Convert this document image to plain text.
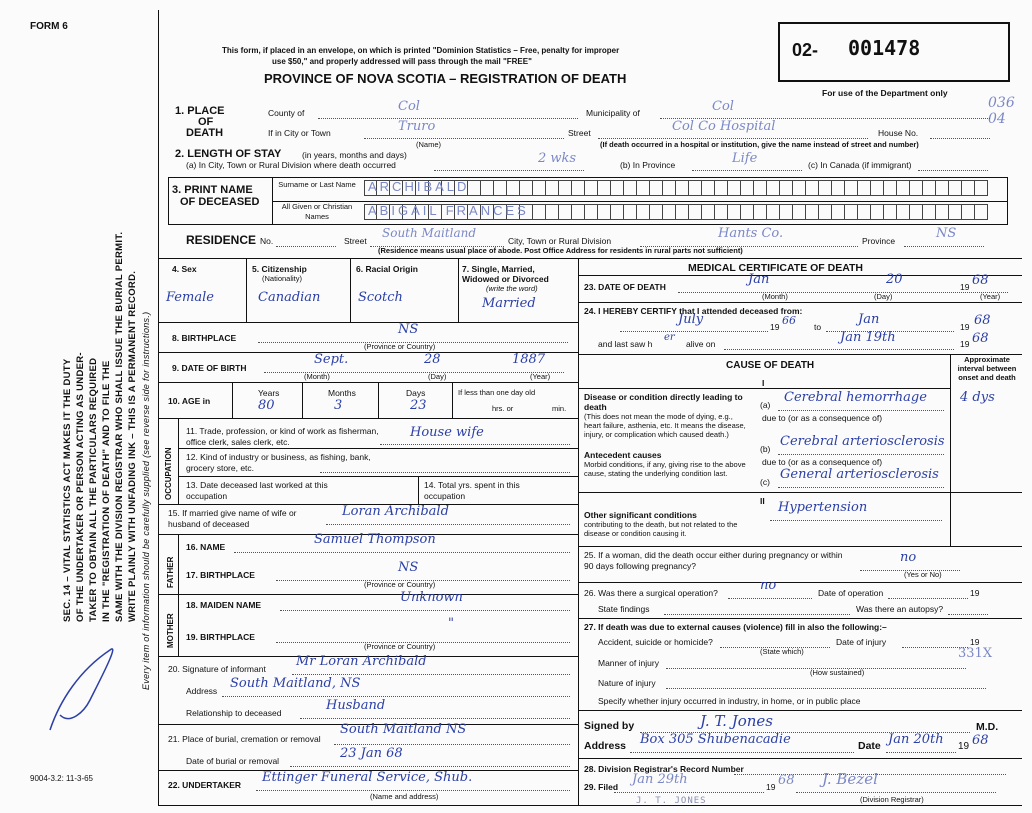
FORM 6
9004-3.2: 11-3-65
SEC. 14 – VITAL STATISTICS ACT MAKES IT THE DUTY OF THE UNDERTAKER OR PERSON ACTING AS UNDER- TAKER TO OBTAIN ALL THE PARTICULARS REQUIRED IN THE "REGISTRATION OF DEATH" AND TO FILE THE SAME WITH THE DIVISION REGISTRAR WHO SHALL ISSUE THE BURIAL PERMIT. WRITE PLAINLY WITH UNFADING INK – THIS IS A PERMANENT RECORD. Every item of information should be carefully supplied (see reverse side for instructions.)
This form, if placed in an envelope, on which is printed "Dominion Statistics – Free, penalty for improper
use $50," and properly addressed will pass through the mail "FREE"
PROVINCE OF NOVA SCOTIA – REGISTRATION OF DEATH
02- 001478
For use of the Department only
036 04
1. PLACE
OF
DEATH
County of	Col	Municipality of	Col
If in City or Town	Truro
(Name)
Street	Col Co Hospital	House No.
(If death occurred in a hospital or institution, give the name instead of street and number)
2. LENGTH OF STAY (in years, months and days)
(a) In City, Town or Rural Division where death occurred	2 wks	(b) In Province	Life	(c) In Canada (if immigrant)
3. PRINT NAME
OF DECEASED
Surname or Last Name
All Given or Christian Names
ARCHIBALD
ABIGAIL FRANCES
RESIDENCE No.	Street
South Maitland
City, Town or Rural Division	Hants Co.	Province	NS
(Residence means usual place of abode. Post Office Address for residents in rural parts not sufficient)
4. Sex
Female
5. Citizenship
(Nationality)
Canadian
6. Racial Origin
Scotch
7. Single, Married, Widowed or Divorced
(write the word)
Married
8. BIRTHPLACE
NS
(Province or Country)
9. DATE OF BIRTH
Sept.	28	1887
(Month)	(Day)	(Year)
10. AGE in
Years	Months	Days
80	3	23
If less than one day old
hrs. or	min.
OCCUPATION
11. Trade, profession, or kind of work as fisherman, office clerk, sales clerk, etc.
House wife
12. Kind of industry or business, as fishing, bank, grocery store, etc.
13. Date deceased last worked at this occupation
14. Total yrs. spent in this occupation
15. If married give name of wife or husband of deceased
Loran Archibald
FATHER
MOTHER
16. NAME	Samuel Thompson
17. BIRTHPLACE	NS
(Province or Country)
18. MAIDEN NAME	Unknown
19. BIRTHPLACE
"
(Province or Country)
20. Signature of informant Mr Loran Archibald
Address South Maitland, NS
Relationship to deceased	Husband
21. Place of burial, cremation or removal
South Maitland NS
Date of burial or removal	23 Jan 68
22. UNDERTAKER Ettinger Funeral Service, Shub.
(Name and address)
MEDICAL CERTIFICATE OF DEATH
23. DATE OF DEATH	Jan	20	19 68
(Month)	(Day)	(Year)
24. I HEREBY CERTIFY that I attended deceased from:
July	19 66 to	Jan	19 68
and last saw h
er
alive on	Jan 19th	19 68
CAUSE OF DEATH
Approximate interval between onset and death
I
Disease or condition directly leading to death
(This does not mean the mode of dying, e.g., heart failure, asthenia, etc. It means the disease, injury, or complication which caused death.)
(a) Cerebral hemorrhage	4 dys
due to (or as a consequence of)
Antecedent causes
Morbid conditions, if any, giving rise to the above cause, stating the underlying condition last.
(b) Cerebral arteriosclerosis
due to (or as a consequence of)
(c) General arteriosclerosis
II
Other significant conditions
contributing to the death, but not related to the disease or condition causing it.
Hypertension
25. If a woman, did the death occur either during pregnancy or within 90 days following pregnancy?
no
(Yes or No)
26. Was there a surgical operation?	no	Date of operation	19
State findings	Was there an autopsy?
27. If death was due to external causes (violence) fill in also the following:–
Accident, suicide or homicide?	Date of injury	19
(State which)
Manner of injury
331X
(How sustained)
Nature of injury
Specify whether injury occurred in industry, in home, or in public place
Signed by	J. T. Jones	M.D.
Address Box 305 Shubenacadie	Date Jan 20th 19 68
28. Division Registrar's Record Number
29. Filed Jan 29th	19 68 J. Bezel
(Division Registrar)
J. T. JONES
